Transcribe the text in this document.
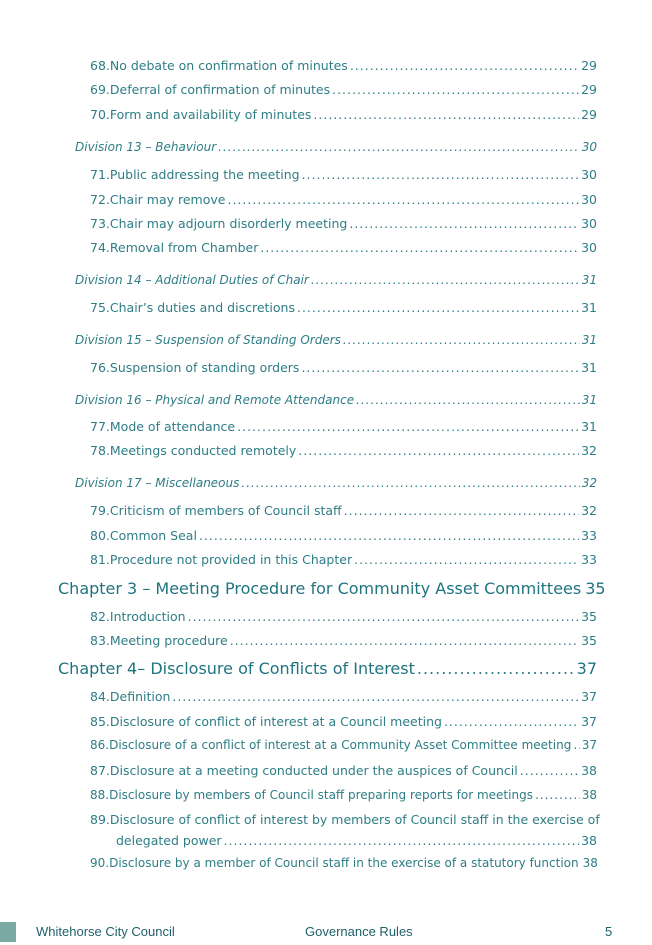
68. No debate on confirmation of minutes .....	29
69. Deferral of confirmation of minutes .....	29
70. Form and availability of minutes .....	29
Division 13 – Behaviour .....	30
71. Public addressing the meeting .....	30
72. Chair may remove .....	30
73. Chair may adjourn disorderly meeting .....	30
74. Removal from Chamber .....	30
Division 14 – Additional Duties of Chair .....	31
75. Chair’s duties and discretions .....	31
Division 15 – Suspension of Standing Orders .....	31
76. Suspension of standing orders .....	31
Division 16 – Physical and Remote Attendance .....	31
77. Mode of attendance .....	31
78. Meetings conducted remotely .....	32
Division 17 – Miscellaneous .....	32
79. Criticism of members of Council staff .....	32
80. Common Seal .....	33
81. Procedure not provided in this Chapter .....	33
Chapter 3 – Meeting Procedure for Community Asset Committees 35
82. Introduction .....	35
83. Meeting procedure .....	35
Chapter 4– Disclosure of Conflicts of Interest .....	37
84. Definition .....	37
85. Disclosure of conflict of interest at a Council meeting .....	37
86. Disclosure of a conflict of interest at a Community Asset Committee meeting ..... 37
87. Disclosure at a meeting conducted under the auspices of Council .....	38
88. Disclosure by members of Council staff preparing reports for meetings .....	38
89. Disclosure of conflict of interest by members of Council staff in the exercise of
delegated power .....	38
90. Disclosure by a member of Council staff in the exercise of a statutory function 38
Whitehorse City Council	Governance Rules	5
